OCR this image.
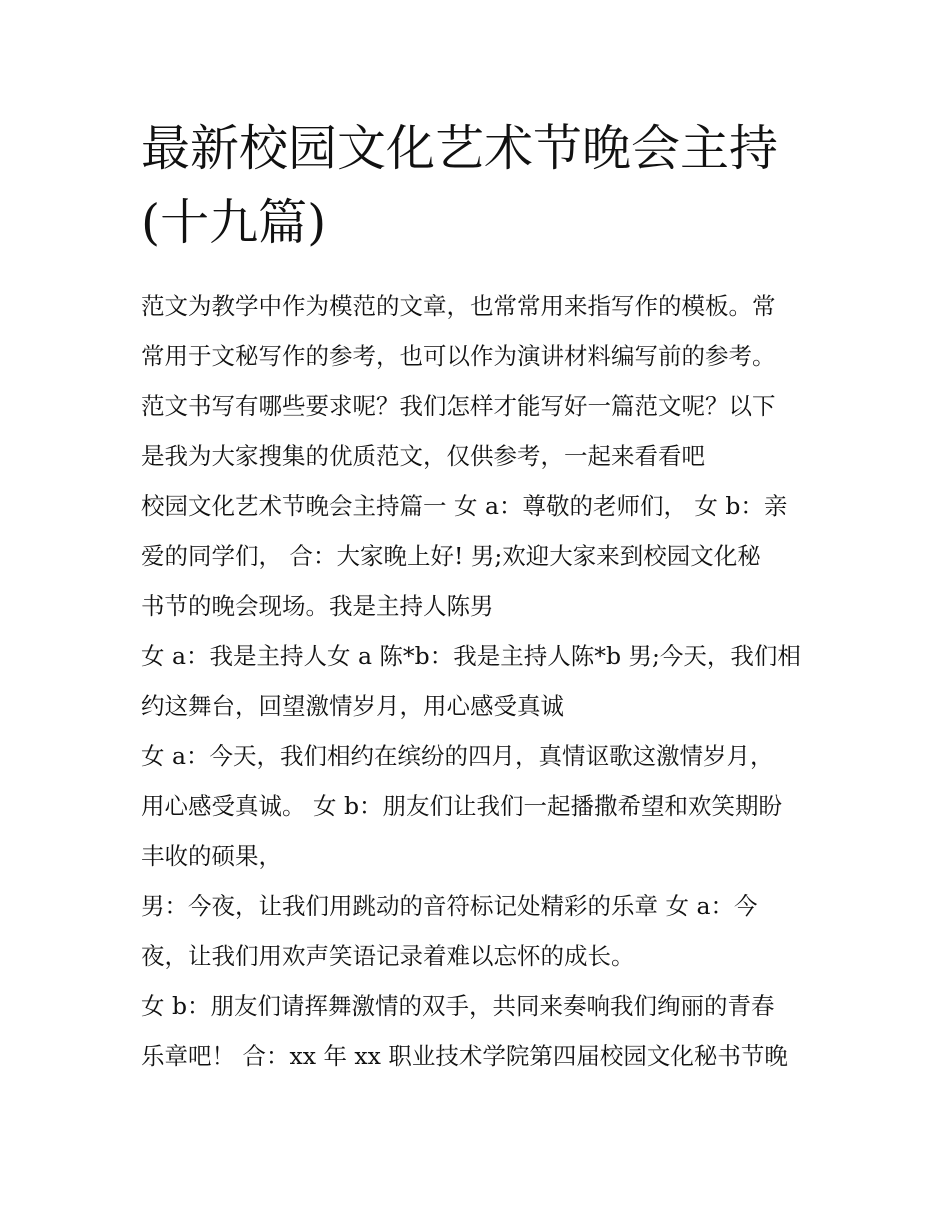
最新校园文化艺术节晚会主持
(十九篇)
范文为教学中作为模范的文章，也常常用来指写作的模板。常
常用于文秘写作的参考，也可以作为演讲材料编写前的参考。
范文书写有哪些要求呢？我们怎样才能写好一篇范文呢？以下
是我为大家搜集的优质范文，仅供参考，一起来看看吧
校园文化艺术节晚会主持篇一 女 a：尊敬的老师们， 女 b：亲
爱的同学们， 合：大家晚上好! 男;欢迎大家来到校园文化秘
书节的晚会现场。我是主持人陈男
女 a：我是主持人女 a 陈*b：我是主持人陈*b 男;今天，我们相
约这舞台，回望激情岁月，用心感受真诚
女 a：今天，我们相约在缤纷的四月，真情讴歌这激情岁月，
用心感受真诚。 女 b：朋友们让我们一起播撒希望和欢笑期盼
丰收的硕果，
男：今夜，让我们用跳动的音符标记处精彩的乐章 女 a：今
夜，让我们用欢声笑语记录着难以忘怀的成长。
女 b：朋友们请挥舞激情的双手，共同来奏响我们绚丽的青春
乐章吧！ 合：xx 年 xx 职业技术学院第四届校园文化秘书节晚
